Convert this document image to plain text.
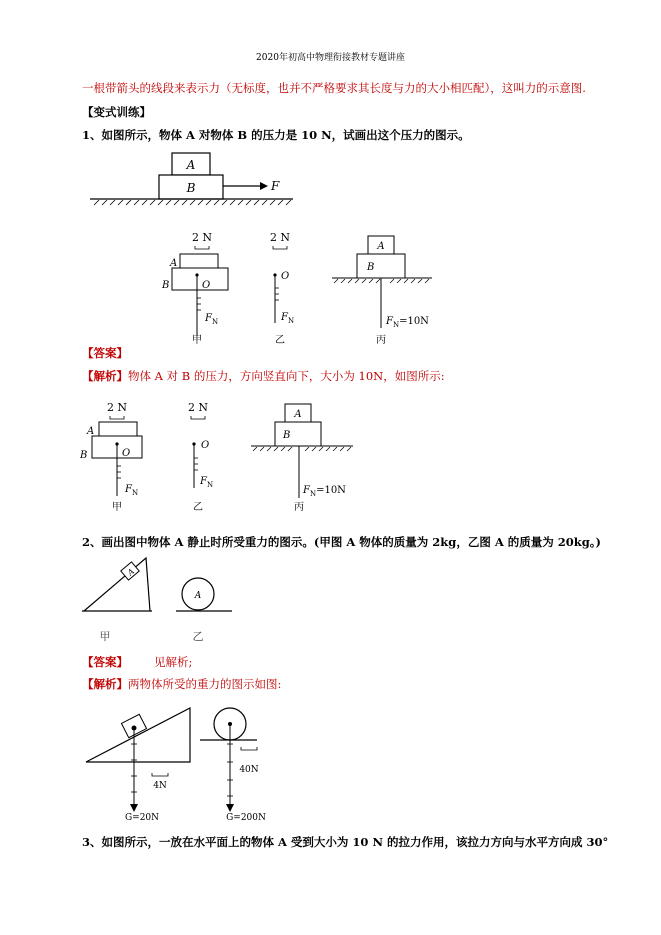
2020年初高中物理衔接教材专题讲座
一根带箭头的线段来表示力（无标度，也并不严格要求其长度与力的大小相匹配），这叫力的示意图.
【变式训练】
1、如图所示，物体 A 对物体 B 的压力是 10 N，试画出这个压力的图示。
A
B	F
2 N
A
B	O
$F_N$
甲
2 N
O
$F_N$
乙
A
B
$F_N=10N$
丙
【答案】
【解析】物体 A 对 B 的压力，方向竖直向下，大小为 10N，如图所示:
2 N
A
B	O
$F_N$
甲
2 N
O
$F_N$
乙
A
B
$F_N=10N$
丙
2、画出图中物体 A 静止时所受重力的图示。(甲图 A 物体的质量为 2kg，乙图 A 的质量为 20kg。)
A
A
甲	乙
【答案】 见解析;
【解析】两物体所受的重力的图示如图:
4N
G=20N
40N
G=200N
3、如图所示，一放在水平面上的物体 A 受到大小为 10 N 的拉力作用，该拉力方向与水平方向成 30°
